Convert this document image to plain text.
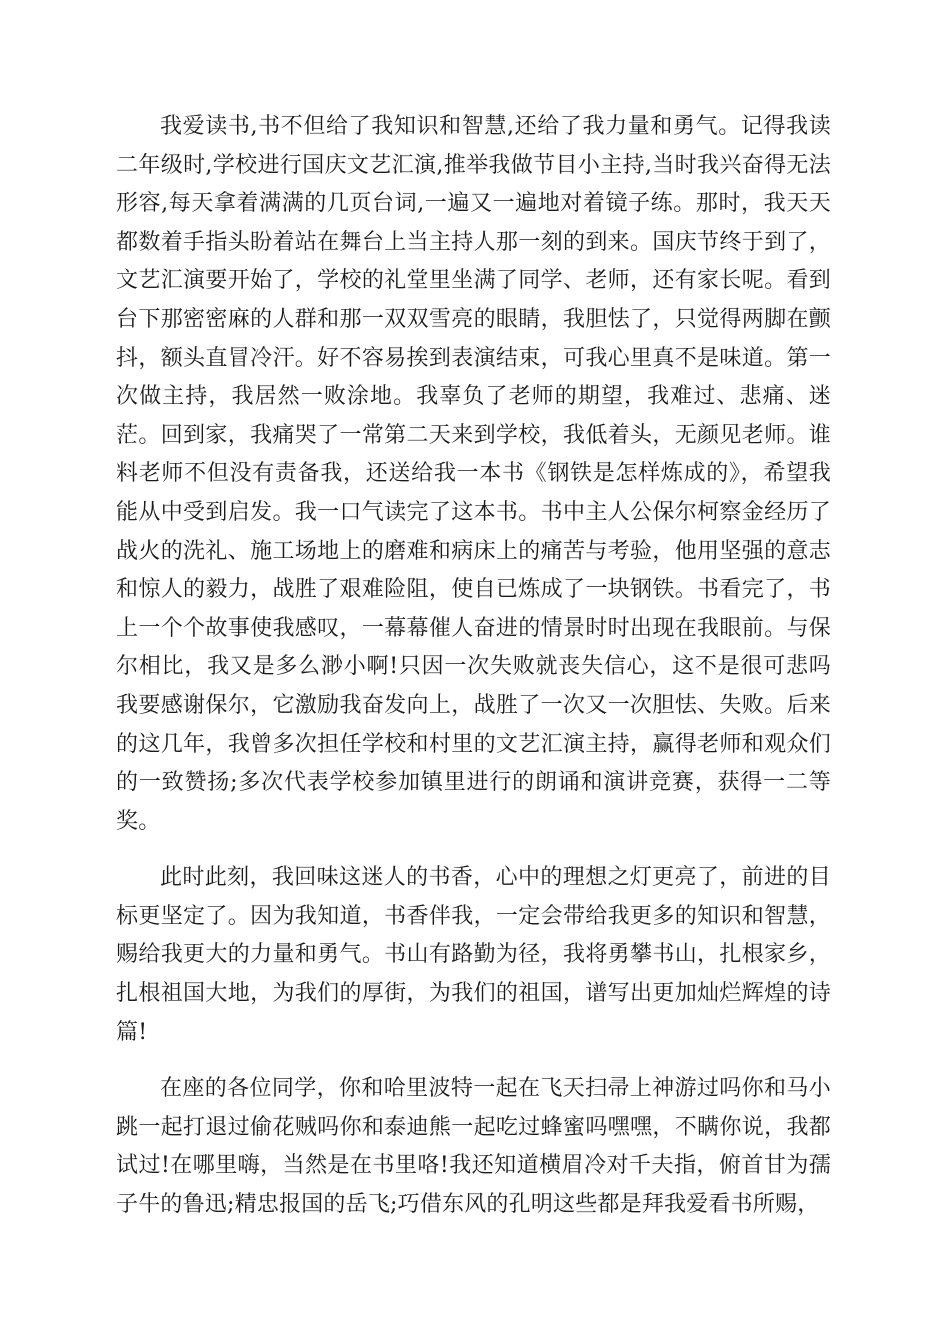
我爱读书,书不但给了我知识和智慧,还给了我力量和勇气。记得我读二年级时,学校进行国庆文艺汇演,推举我做节目小主持,当时我兴奋得无法形容,每天拿着满满的几页台词,一遍又一遍地对着镜子练。那时，我天天都数着手指头盼着站在舞台上当主持人那一刻的到来。国庆节终于到了，文艺汇演要开始了，学校的礼堂里坐满了同学、老师，还有家长呢。看到台下那密密麻的人群和那一双双雪亮的眼睛，我胆怯了，只觉得两脚在颤抖，额头直冒冷汗。好不容易挨到表演结束，可我心里真不是味道。第一次做主持，我居然一败涂地。我辜负了老师的期望，我难过、悲痛、迷茫。回到家，我痛哭了一常第二天来到学校，我低着头，无颜见老师。谁料老师不但没有责备我，还送给我一本书《钢铁是怎样炼成的》，希望我能从中受到启发。我一口气读完了这本书。书中主人公保尔柯察金经历了战火的洗礼、施工场地上的磨难和病床上的痛苦与考验，他用坚强的意志和惊人的毅力，战胜了艰难险阻，使自已炼成了一块钢铁。书看完了，书上一个个故事使我感叹，一幕幕催人奋进的情景时时出现在我眼前。与保尔相比，我又是多么渺小啊!只因一次失败就丧失信心，这不是很可悲吗我要感谢保尔，它激励我奋发向上，战胜了一次又一次胆怯、失败。后来的这几年，我曾多次担任学校和村里的文艺汇演主持，赢得老师和观众们的一致赞扬;多次代表学校参加镇里进行的朗诵和演讲竞赛，获得一二等奖。

此时此刻，我回味这迷人的书香，心中的理想之灯更亮了，前进的目标更坚定了。因为我知道，书香伴我，一定会带给我更多的知识和智慧，赐给我更大的力量和勇气。书山有路勤为径，我将勇攀书山，扎根家乡，扎根祖国大地，为我们的厚街，为我们的祖国，谱写出更加灿烂辉煌的诗篇!

在座的各位同学，你和哈里波特一起在飞天扫帚上神游过吗你和马小跳一起打退过偷花贼吗你和泰迪熊一起吃过蜂蜜吗嘿嘿，不瞒你说，我都试过!在哪里嗨，当然是在书里咯!我还知道横眉冷对千夫指，俯首甘为孺子牛的鲁迅;精忠报国的岳飞;巧借东风的孔明这些都是拜我爱看书所赐，
